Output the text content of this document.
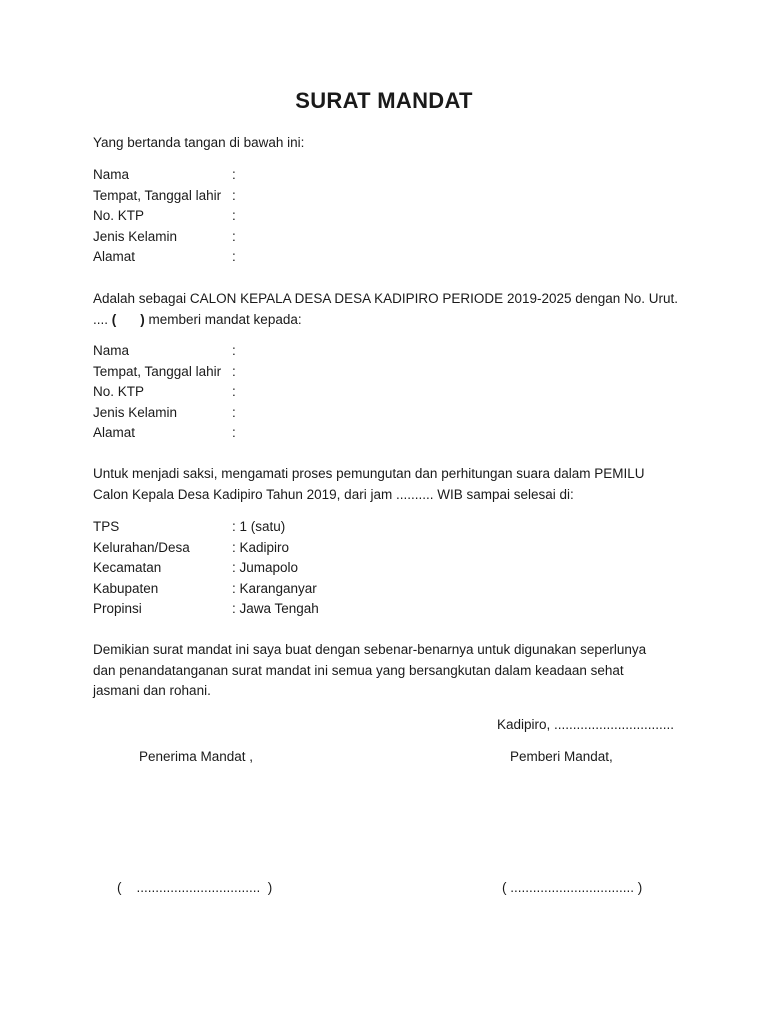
SURAT MANDAT
Yang bertanda tangan di bawah ini:
Nama	:
Tempat, Tanggal lahir :
No. KTP	:
Jenis Kelamin	:
Alamat	:
Adalah sebagai CALON KEPALA DESA DESA KADIPIRO PERIODE 2019-2025 dengan No. Urut.
.... ( ) memberi mandat kepada:
Nama	:
Tempat, Tanggal lahir :
No. KTP	:
Jenis Kelamin	:
Alamat	:
Untuk menjadi saksi, mengamati proses pemungutan dan perhitungan suara dalam PEMILU
Calon Kepala Desa Kadipiro Tahun 2019, dari jam .......... WIB sampai selesai di:
TPS	: 1 (satu)
Kelurahan/Desa	: Kadipiro
Kecamatan	: Jumapolo
Kabupaten	: Karanganyar
Propinsi	: Jawa Tengah
Demikian surat mandat ini saya buat dengan sebenar-benarnya untuk digunakan seperlunya
dan penandatanganan surat mandat ini semua yang bersangkutan dalam keadaan sehat
jasmani dan rohani.
Kadipiro, ................................
Penerima Mandat ,	Pemberi Mandat,
(    .................................  )	( ................................. )
